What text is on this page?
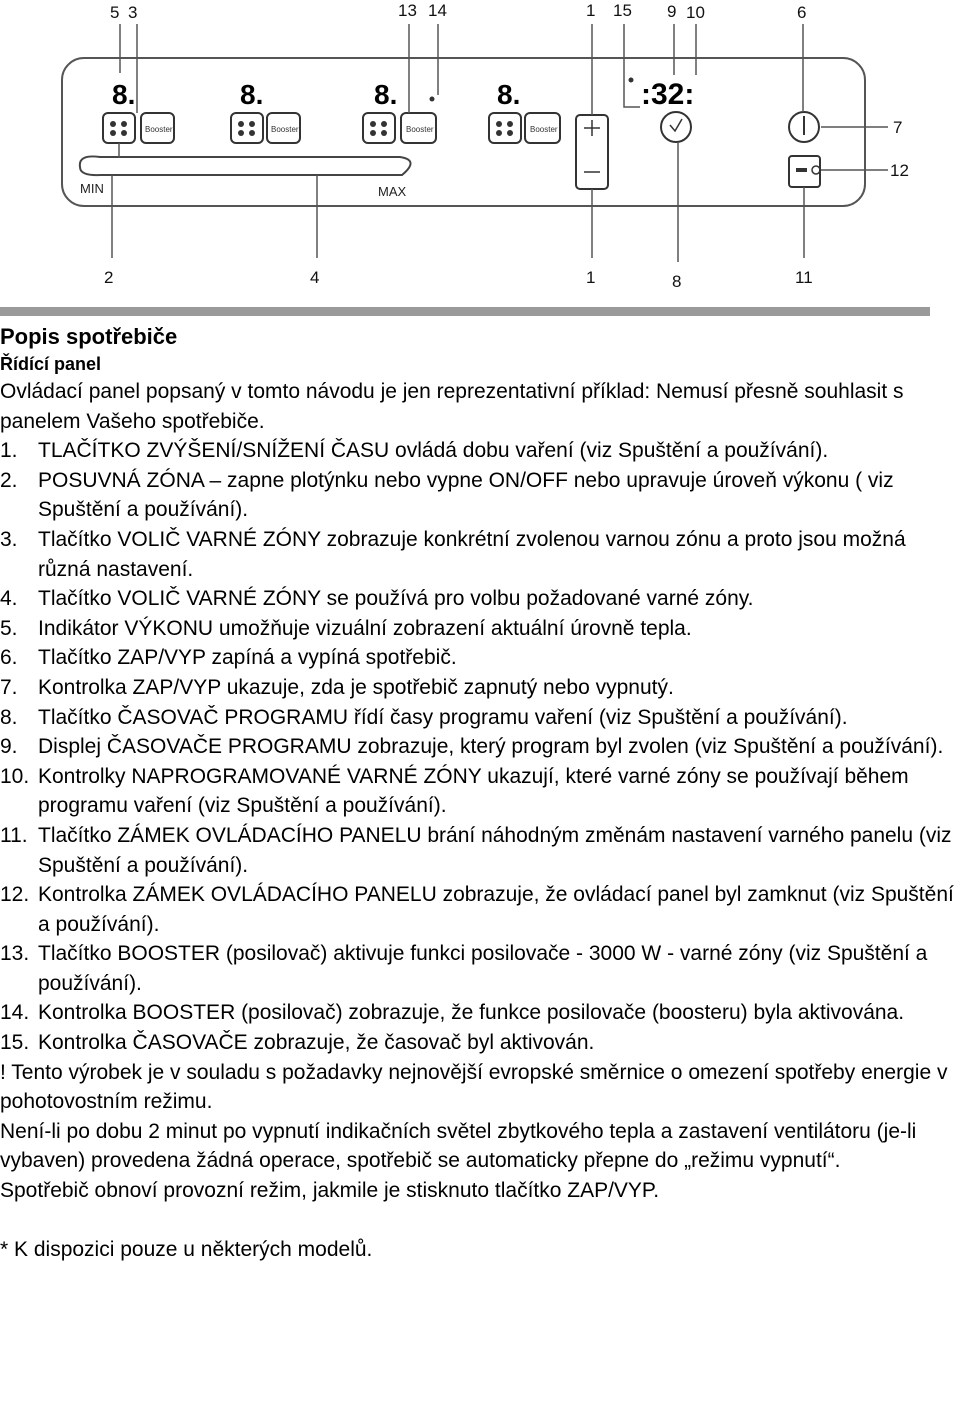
8.
Booster
8.
Booster
8.
Booster
8.
Booster
MIN	MAX
:32:
5 3	13 14	1 15 9 10	6
7
12
2	4	1	8	11
Popis spotřebiče
Řídící panel

Ovládací panel popsaný v tomto návodu je jen reprezentativní příklad: Nemusí přesně souhlasit s panelem Vašeho spotřebiče.

1. TLAČÍTKO ZVÝŠENÍ/SNÍŽENÍ ČASU ovládá dobu vaření (viz Spuštění a používání).
2. POSUVNÁ ZÓNA – zapne plotýnku nebo vypne ON/OFF nebo upravuje úroveň výkonu ( viz Spuštění a používání).
3. Tlačítko VOLIČ VARNÉ ZÓNY zobrazuje konkrétní zvolenou varnou zónu a proto jsou možná různá nastavení.
4. Tlačítko VOLIČ VARNÉ ZÓNY se používá pro volbu požadované varné zóny.
5. Indikátor VÝKONU umožňuje vizuální zobrazení aktuální úrovně tepla.
6. Tlačítko ZAP/VYP zapíná a vypíná spotřebič.
7. Kontrolka ZAP/VYP ukazuje, zda je spotřebič zapnutý nebo vypnutý.
8. Tlačítko ČASOVAČ PROGRAMU řídí časy programu vaření (viz Spuštění a používání).
9. Displej ČASOVAČE PROGRAMU zobrazuje, který program byl zvolen (viz Spuštění a používání).
10. Kontrolky NAPROGRAMOVANÉ VARNÉ ZÓNY ukazují, které varné zóny se používají během programu vaření (viz Spuštění a používání).
11. Tlačítko ZÁMEK OVLÁDACÍHO PANELU brání náhodným změnám nastavení varného panelu (viz Spuštění a používání).
12. Kontrolka ZÁMEK OVLÁDACÍHO PANELU zobrazuje, že ovládací panel byl zamknut (viz Spuštění a používání).
13. Tlačítko BOOSTER (posilovač) aktivuje funkci posilovače - 3000 W - varné zóny (viz Spuštění a používání).
14. Kontrolka BOOSTER (posilovač) zobrazuje, že funkce posilovače (boosteru) byla aktivována.
15. Kontrolka ČASOVAČE zobrazuje, že časovač byl aktivován.

! Tento výrobek je v souladu s požadavky nejnovější evropské směrnice o omezení spotřeby energie v pohotovostním režimu.

Není-li po dobu 2 minut po vypnutí indikačních světel zbytkového tepla a zastavení ventilátoru (je-li vybaven) provedena žádná operace, spotřebič se automaticky přepne do „režimu vypnutí“.

Spotřebič obnoví provozní režim, jakmile je stisknuto tlačítko ZAP/VYP.

* K dispozici pouze u některých modelů.
